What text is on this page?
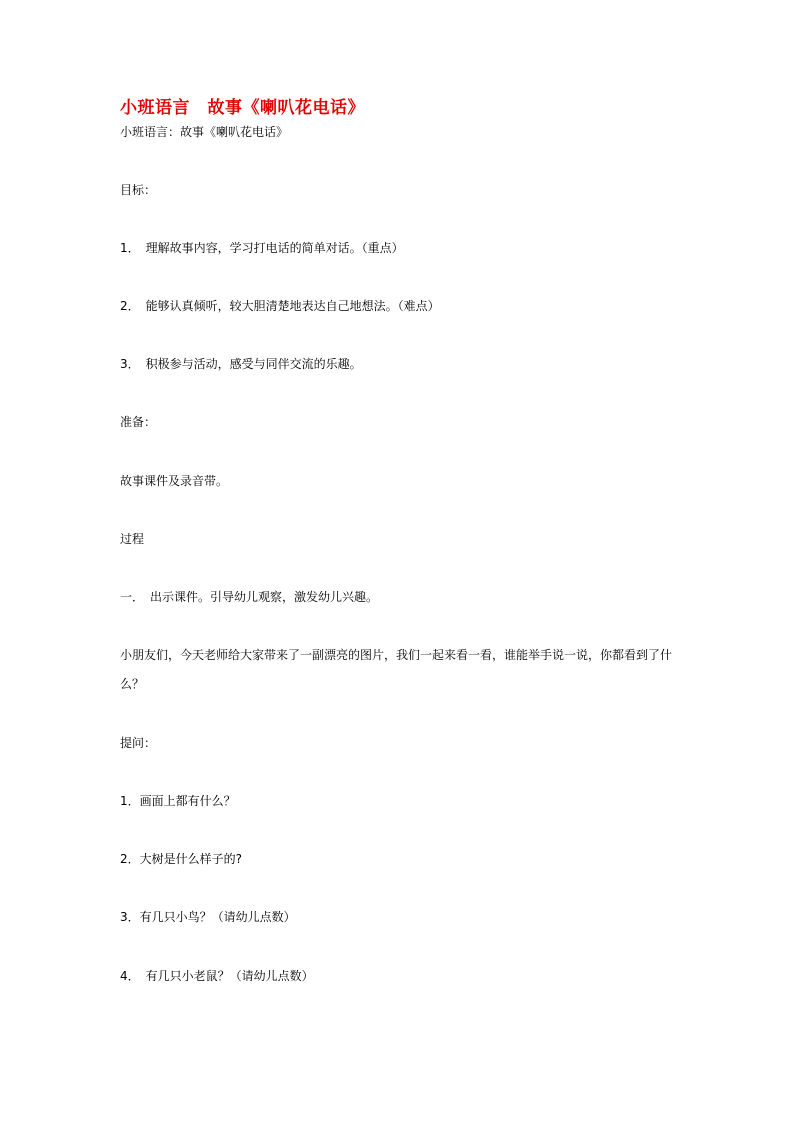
小班语言　故事《喇叭花电话》
小班语言：故事《喇叭花电话》
目标：
1．　理解故事内容，学习打电话的简单对话。（重点）
2．　能够认真倾听，较大胆清楚地表达自己地想法。（难点）
3．　积极参与活动，感受与同伴交流的乐趣。
准备：
故事课件及录音带。
过程
一．　出示课件。引导幼儿观察，激发幼儿兴趣。
小朋友们，今天老师给大家带来了一副漂亮的图片，我们一起来看一看，谁能举手说一说，你都看到了什么？
提问：
1．画面上都有什么？
2．大树是什么样子的?
3．有几只小鸟？（请幼儿点数）
4．　有几只小老鼠？（请幼儿点数）
